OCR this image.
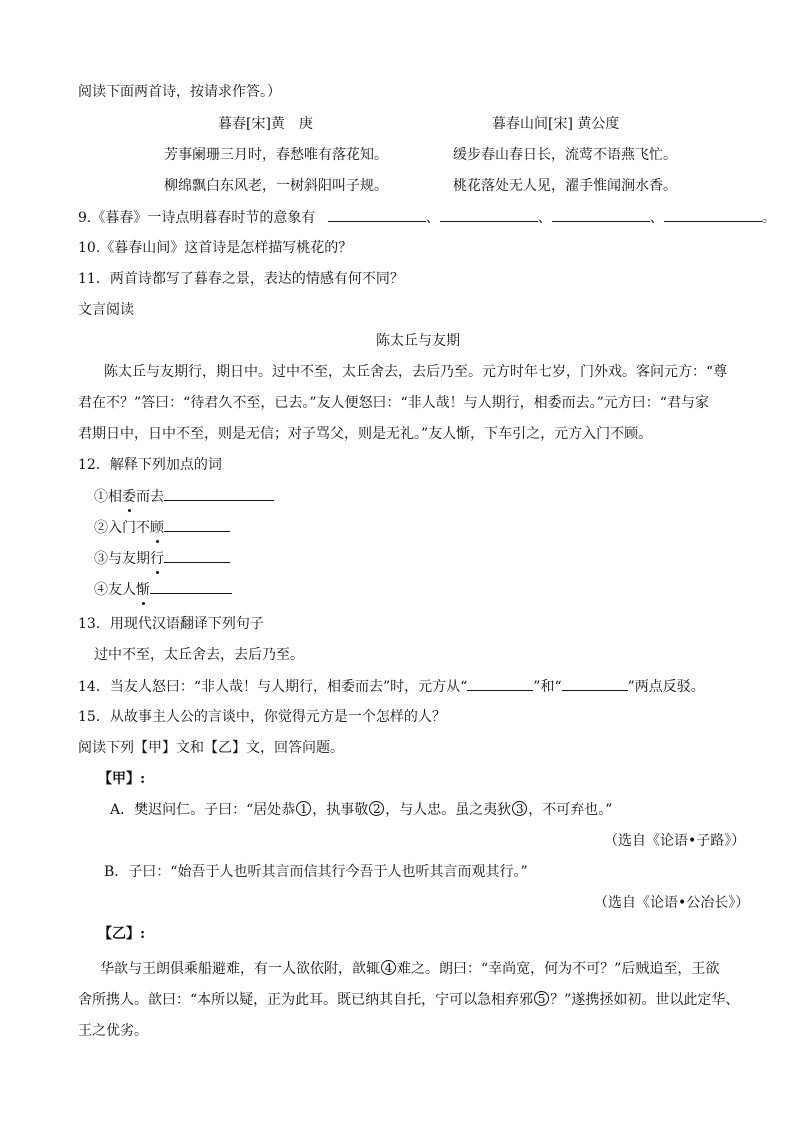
阅读下面两首诗，按请求作答。）
暮春[宋]黄　庚	暮春山间[宋] 黄公度
芳事阑珊三月时，春愁唯有落花知。	缓步春山春日长，流莺不语燕飞忙。
柳绵飘白东风老，一树斜阳叫子规。	桃花落处无人见，濯手惟闻涧水香。
9.《暮春》一诗点明暮春时节的意象有	、	、	、	。
10.《暮春山间》这首诗是怎样描写桃花的？
11．两首诗都写了暮春之景，表达的情感有何不同？
文言阅读
陈太丘与友期
陈太丘与友期行，期日中。过中不至，太丘舍去，去后乃至。元方时年七岁，门外戏。客问元方：“尊
君在不？”答曰：“待君久不至，已去。”友人便怒曰：“非人哉！与人期行，相委而去。”元方曰：“君与家
君期日中，日中不至，则是无信；对子骂父，则是无礼。”友人惭，下车引之，元方入门不顾。
12．解释下列加点的词
①相委而去
②入门不顾
③与友期行
④友人惭
13．用现代汉语翻译下列句子
过中不至，太丘舍去，去后乃至。
14．当友人怒曰：“非人哉！与人期行，相委而去”时，元方从“	”和“	”两点反驳。
15．从故事主人公的言谈中，你觉得元方是一个怎样的人？
阅读下列【甲】文和【乙】文，回答问题。
【甲】:
A．樊迟问仁。子曰：“居处恭 1 ，执事敬 2 ，与人忠。虽之夷狄 3 ，不可弃也。”
（选自《论语•子路》）
B．子曰：“始吾于人也听其言而信其行今吾于人也听其言而观其行。”
（选自《论语•公冶长》）
【乙】:
华歆与王朗俱乘船避难，有一人欲依附，歆辄 4 难之。朗曰：“幸尚宽，何为不可？”后贼追至，王欲
舍所携人。歆曰：“本所以疑，正为此耳。既已纳其自托，宁可以急相弃邪 5 ？”遂携拯如初。世以此定华、
王之优劣。
